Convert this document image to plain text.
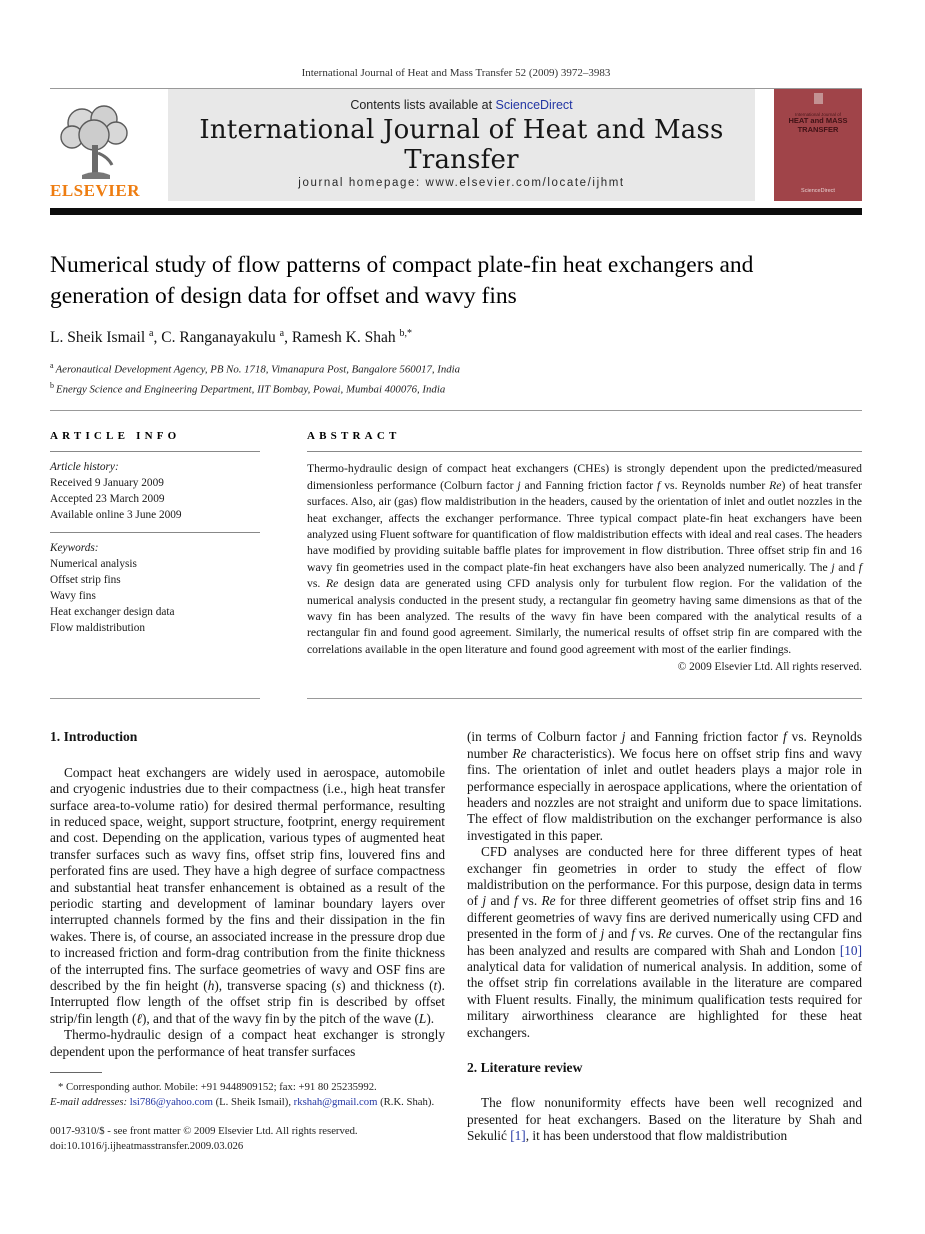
International Journal of Heat and Mass Transfer 52 (2009) 3972–3983
ELSEVIER
Contents lists available at ScienceDirect
International Journal of Heat and Mass Transfer
journal homepage: www.elsevier.com/locate/ijhmt
International Journal of
HEAT and MASS
TRANSFER
ScienceDirect
Numerical study of flow patterns of compact plate-fin heat exchangers and generation of design data for offset and wavy fins
L. Sheik Ismail $^a$, C. Ranganayakulu $^a$, Ramesh K. Shah $^{b,*}$
$^a$ Aeronautical Development Agency, PB No. 1718, Vimanapura Post, Bangalore 560017, India
$^b$ Energy Science and Engineering Department, IIT Bombay, Powai, Mumbai 400076, India
ARTICLE INFO
Article history:
Received 9 January 2009
Accepted 23 March 2009
Available online 3 June 2009
Keywords:
Numerical analysis
Offset strip fins
Wavy fins
Heat exchanger design data
Flow maldistribution
ABSTRACT
Thermo-hydraulic design of compact heat exchangers (CHEs) is strongly dependent upon the predicted/measured dimensionless performance (Colburn factor j and Fanning friction factor f vs. Reynolds number Re) of heat transfer surfaces. Also, air (gas) flow maldistribution in the headers, caused by the orientation of inlet and outlet nozzles in the heat exchanger, affects the exchanger performance. Three typical compact plate-fin heat exchangers have been analyzed using Fluent software for quantification of flow maldistribution effects with ideal and real cases. The headers have modified by providing suitable baffle plates for improvement in flow distribution. Three offset strip fin and 16 wavy fin geometries used in the compact plate-fin heat exchangers have also been analyzed numerically. The j and f vs. Re design data are generated using CFD analysis only for turbulent flow region. For the validation of the numerical analysis conducted in the present study, a rectangular fin geometry having same dimensions as that of the wavy fin has been analyzed. The results of the wavy fin have been compared with the analytical results of a rectangular fin and found good agreement. Similarly, the numerical results of offset strip fin are compared with the correlations available in the open literature and found good agreement with most of the earlier findings.
© 2009 Elsevier Ltd. All rights reserved.
1. Introduction

Compact heat exchangers are widely used in aerospace, automobile and cryogenic industries due to their compactness (i.e., high heat transfer surface area-to-volume ratio) for desired thermal performance, resulting in reduced space, weight, support structure, footprint, energy requirement and cost. Depending on the application, various types of augmented heat transfer surfaces such as wavy fins, offset strip fins, louvered fins and perforated fins are used. They have a high degree of surface compactness and substantial heat transfer enhancement is obtained as a result of the periodic starting and development of laminar boundary layers over interrupted channels formed by the fins and their dissipation in the fin wakes. There is, of course, an associated increase in the pressure drop due to increased friction and form-drag contribution from the finite thickness of the interrupted fins. The surface geometries of wavy and OSF fins are described by the fin height (h), transverse spacing (s) and thickness (t). Interrupted flow length of the offset strip fin is described by offset strip/fin length (ℓ), and that of the wavy fin by the pitch of the wave (L).

Thermo-hydraulic design of a compact heat exchanger is strongly dependent upon the performance of heat transfer surfaces

* Corresponding author. Mobile: +91 9448909152; fax: +91 80 25235992.
E-mail addresses: lsi786@yahoo.com (L. Sheik Ismail), rkshah@gmail.com (R.K. Shah).
0017-9310/$ - see front matter © 2009 Elsevier Ltd. All rights reserved.
doi:10.1016/j.ijheatmasstransfer.2009.03.026

(in terms of Colburn factor j and Fanning friction factor f vs. Reynolds number Re characteristics). We focus here on offset strip fins and wavy fins. The orientation of inlet and outlet headers plays a major role in performance especially in aerospace applications, where the orientation of headers and nozzles are not straight and uniform due to space limitations. The effect of flow maldistribution on the exchanger performance is also investigated in this paper.

CFD analyses are conducted here for three different types of heat exchanger fin geometries in order to study the effect of flow maldistribution on the performance. For this purpose, design data in terms of j and f vs. Re for three different geometries of offset strip fins and 16 different geometries of wavy fins are derived numerically using CFD and presented in the form of j and f vs. Re curves. One of the rectangular fins has been analyzed and results are compared with Shah and London [10] analytical data for validation of numerical analysis. In addition, some of the offset strip fin correlations available in the literature are compared with Fluent results. Finally, the minimum qualification tests required for military airworthiness clearance are highlighted for these heat exchangers.

2. Literature review

The flow nonuniformity effects have been well recognized and presented for heat exchangers. Based on the literature by Shah and Sekulić [1], it has been understood that flow maldistribution
